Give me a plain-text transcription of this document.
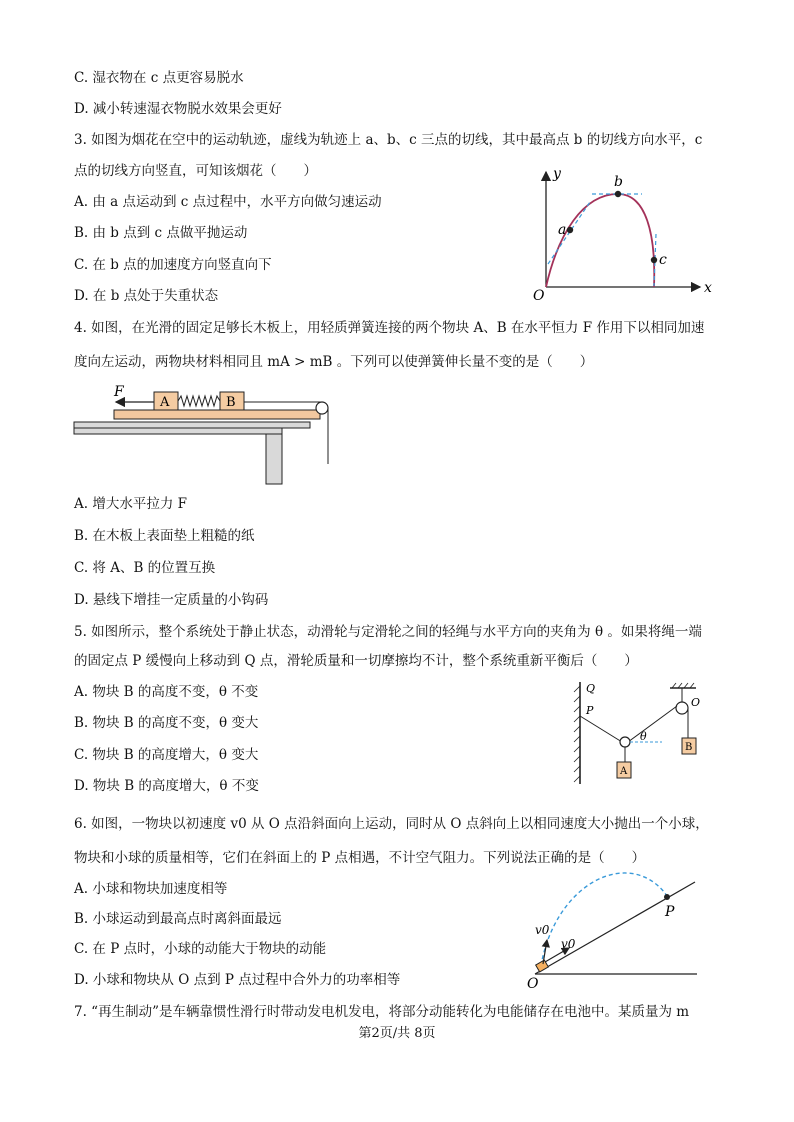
C. 湿衣物在 c 点更容易脱水
D. 减小转速湿衣物脱水效果会更好
3. 如图为烟花在空中的运动轨迹，虚线为轨迹上 a、b、c 三点的切线，其中最高点 b 的切线方向水平，c
点的切线方向竖直，可知该烟花（　　）
A. 由 a 点运动到 c 点过程中，水平方向做匀速运动
B. 由 b 点到 c 点做平抛运动
C. 在 b 点的加速度方向竖直向下
D. 在 b 点处于失重状态
y
x
O
a
b
c
4. 如图，在光滑的固定足够长木板上，用轻质弹簧连接的两个物块 A、B 在水平恒力 F 作用下以相同加速
度向左运动，两物块材料相同且 mA > mB 。下列可以使弹簧伸长量不变的是（　　）
F
A	B
A. 增大水平拉力 F
B. 在木板上表面垫上粗糙的纸
C. 将 A、B 的位置互换
D. 悬线下增挂一定质量的小钩码
5. 如图所示，整个系统处于静止状态，动滑轮与定滑轮之间的轻绳与水平方向的夹角为 θ 。如果将绳一端
的固定点 P 缓慢向上移动到 Q 点，滑轮质量和一切摩擦均不计，整个系统重新平衡后（　　）
A. 物块 B 的高度不变，θ 不变
B. 物块 B 的高度不变，θ 变大
C. 物块 B 的高度增大，θ 变大
D. 物块 B 的高度增大，θ 不变
Q
P
O
θ
A
B
6. 如图，一物块以初速度 v0 从 O 点沿斜面向上运动，同时从 O 点斜向上以相同速度大小抛出一个小球，
物块和小球的质量相等，它们在斜面上的 P 点相遇，不计空气阻力。下列说法正确的是（　　）
A. 小球和物块加速度相等
B. 小球运动到最高点时离斜面最远
C. 在 P 点时，小球的动能大于物块的动能
D. 小球和物块从 O 点到 P 点过程中合外力的功率相等
v0
v0
P
O
7. “再生制动”是车辆靠惯性滑行时带动发电机发电，将部分动能转化为电能储存在电池中。某质量为 m
第2页/共 8页
